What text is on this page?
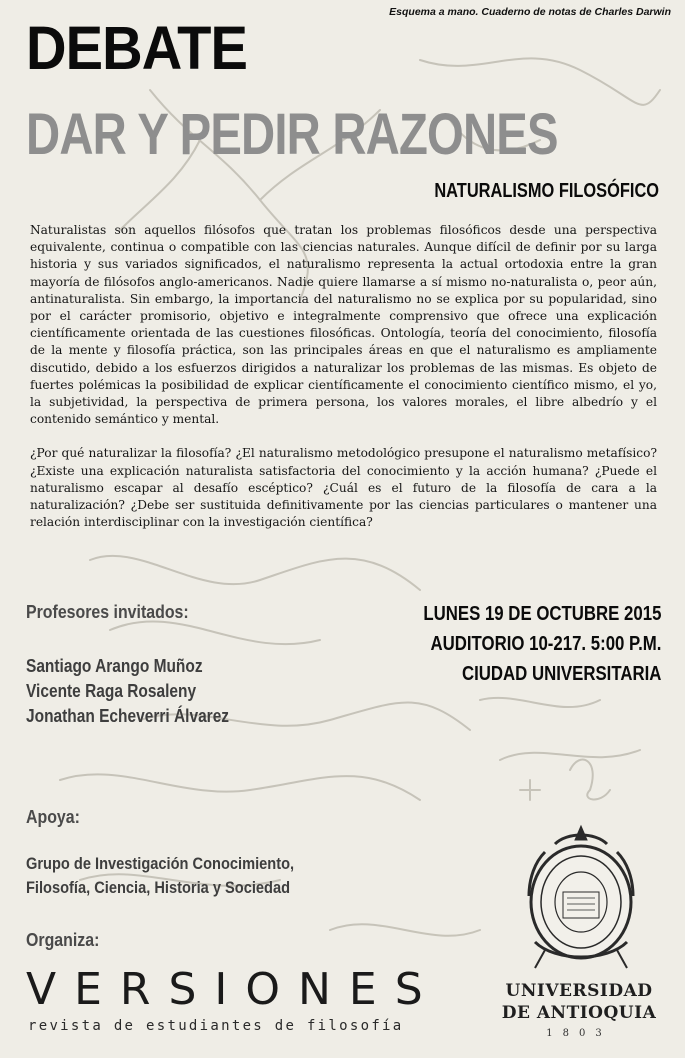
Esquema a mano. Cuaderno de notas de Charles Darwin
DEBATE
DAR Y PEDIR RAZONES
NATURALISMO FILOSÓFICO

Naturalistas son aquellos filósofos que tratan los problemas filosóficos desde una perspectiva equivalente, continua o compatible con las ciencias naturales. Aunque difícil de definir por su larga historia y sus variados significados, el naturalismo representa la actual ortodoxia entre la gran mayoría de filósofos anglo-americanos. Nadie quiere llamarse a sí mismo no-naturalista o, peor aún, antinaturalista. Sin embargo, la importancia del naturalismo no se explica por su popularidad, sino por el carácter promisorio, objetivo e integralmente comprensivo que ofrece una explicación científicamente orientada de las cuestiones filosóficas. Ontología, teoría del conocimiento, filosofía de la mente y filosofía práctica, son las principales áreas en que el naturalismo es ampliamente discutido, debido a los esfuerzos dirigidos a naturalizar los problemas de las mismas. Es objeto de fuertes polémicas la posibilidad de explicar científicamente el conocimiento científico mismo, el yo, la subjetividad, la perspectiva de primera persona, los valores morales, el libre albedrío y el contenido semántico y mental.

¿Por qué naturalizar la filosofía? ¿El naturalismo metodológico presupone el naturalismo metafísico? ¿Existe una explicación naturalista satisfactoria del conocimiento y la acción humana? ¿Puede el naturalismo escapar al desafío escéptico? ¿Cuál es el futuro de la filosofía de cara a la naturalización? ¿Debe ser sustituida definitivamente por las ciencias particulares o mantener una relación interdisciplinar con la investigación científica?

Profesores invitados:
Santiago Arango Muñoz
Vicente Raga Rosaleny
Jonathan Echeverri Álvarez
LUNES 19 DE OCTUBRE 2015
AUDITORIO 10-217. 5:00 P.M.
CIUDAD UNIVERSITARIA
Apoya:
Grupo de Investigación Conocimiento,
Filosofía, Ciencia, Historia y Sociedad
Organiza:
VERSIONES
revista de estudiantes de filosofía
UNIVERSIDAD
DE ANTIOQUIA
1803
